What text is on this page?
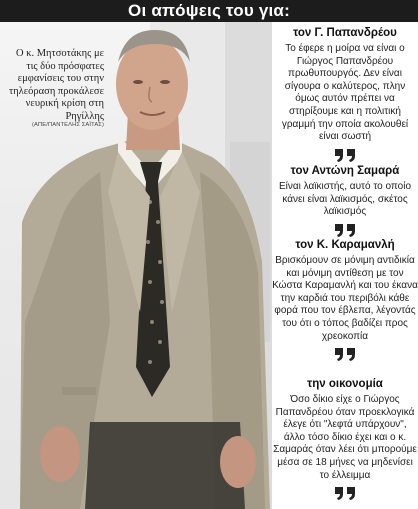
Οι απόψεις του για:
Ο κ. Μητσοτάκης με τις δύο πρόσφατες εμφανίσεις του στην τηλεόραση προκάλεσε νευρική κρίση στη Ρηγίλλης
(ΑΠΕ/ΠΑΝΤΕΛΗΣ ΣΑΪΤΑΣ)
τον Γ. Παπανδρέου
Το έφερε η μοίρα να είναι ο Γιώργος Παπανδρέου πρωθυπουργός. Δεν είναι σίγουρα ο καλύτερος, πλην όμως αυτόν πρέπει να στηρίξουμε και η πολιτική γραμμή την οποία ακολουθεί είναι σωστή
τον Αντώνη Σαμαρά
Είναι λαϊκιστής, αυτό το οποίο κάνει είναι λαϊκισμός, σκέτος λαϊκισμός
τον Κ. Καραμανλή
Βρισκόμουν σε μόνιμη αντιδικία και μόνιμη αντίθεση με τον Κώστα Καραμανλή και του έκανα την καρδιά του περιβόλι κάθε φορά που τον έβλεπα, λέγοντάς του ότι ο τόπος βαδίζει προς χρεοκοπία
την οικονομία
Όσο δίκιο είχε ο Γιώργος Παπανδρέου όταν προεκλογικά έλεγε ότι "λεφτά υπάρχουν", άλλο τόσο δίκιο έχει και ο κ. Σαμαράς όταν λέει ότι μπορούμε μέσα σε 18 μήνες να μηδενίσει το έλλειμμα
